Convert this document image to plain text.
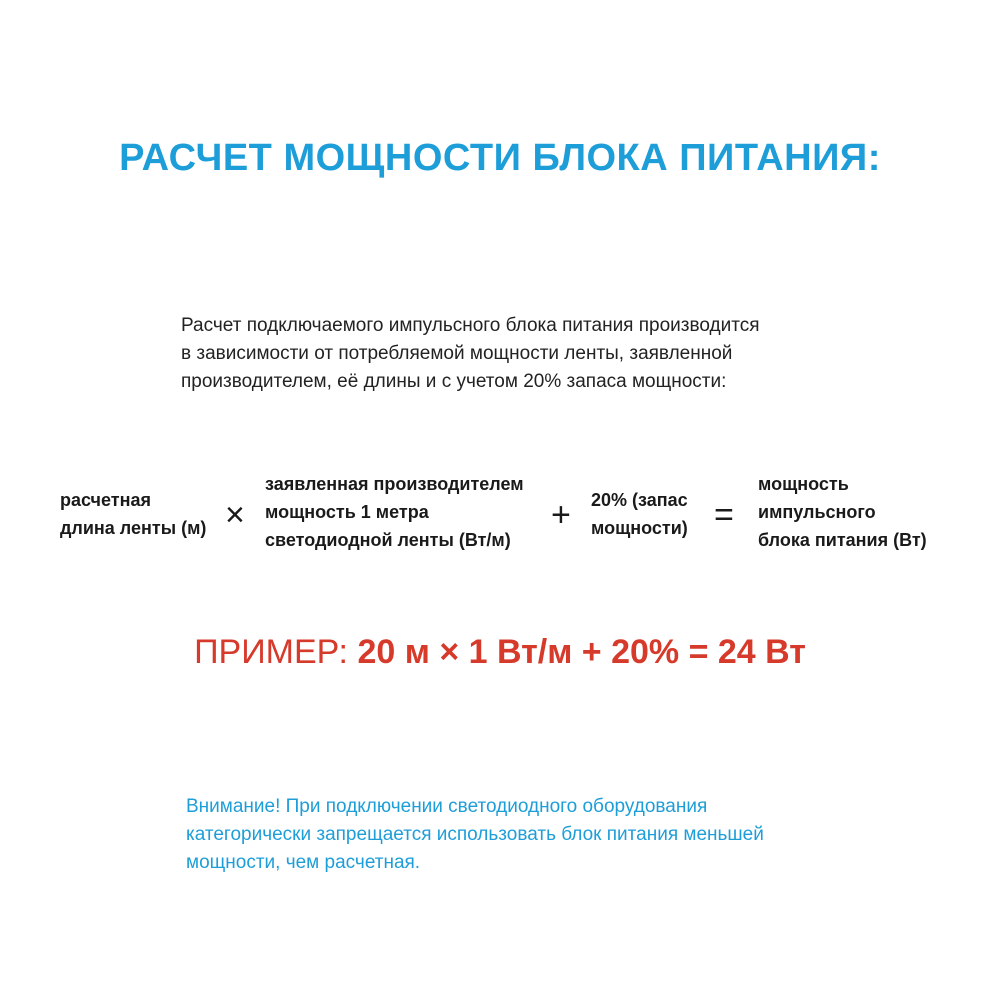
РАСЧЕТ МОЩНОСТИ БЛОКА ПИТАНИЯ:
Расчет подключаемого импульсного блока питания производится
в зависимости от потребляемой мощности ленты, заявленной
производителем, её длины и с учетом 20% запаса мощности:
расчетная
длина ленты (м) ×
заявленная производителем
мощность 1 метра
светодиодной ленты (Вт/м)
+ 20% (запас
мощности) =
мощность
импульсного
блока питания (Вт)
ПРИМЕР: 20 м × 1 Вт/м + 20% = 24 Вт
Внимание! При подключении светодиодного оборудования
категорически запрещается использовать блок питания меньшей
мощности, чем расчетная.
